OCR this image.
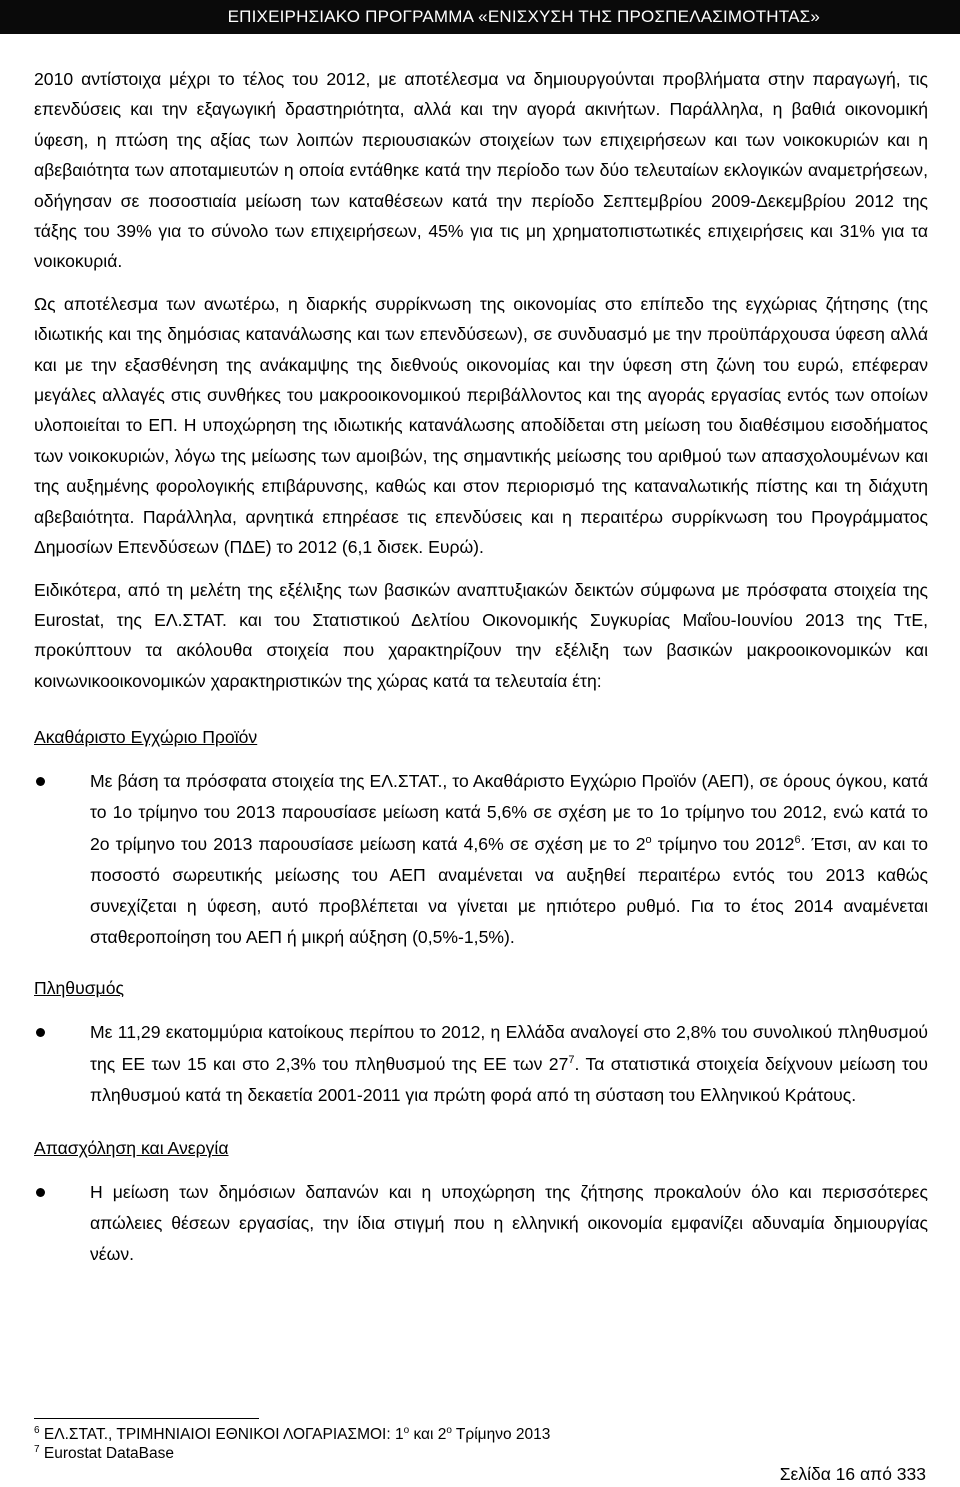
ΕΠΙΧΕΙΡΗΣΙΑΚΟ ΠΡΟΓΡΑΜΜΑ «ΕΝΙΣΧΥΣΗ ΤΗΣ ΠΡΟΣΠΕΛΑΣΙΜΟΤΗΤΑΣ»

2010 αντίστοιχα μέχρι το τέλος του 2012, με αποτέλεσμα να δημιουργούνται προβλήματα στην παραγωγή, τις επενδύσεις και την εξαγωγική δραστηριότητα, αλλά και την αγορά ακινήτων. Παράλληλα, η βαθιά οικονομική ύφεση, η πτώση της αξίας των λοιπών περιουσιακών στοιχείων των επιχειρήσεων και των νοικοκυριών και η αβεβαιότητα των αποταμιευτών η οποία εντάθηκε κατά την περίοδο των δύο τελευταίων εκλογικών αναμετρήσεων, οδήγησαν σε ποσοστιαία μείωση των καταθέσεων κατά την περίοδο Σεπτεμβρίου 2009-Δεκεμβρίου 2012 της τάξης του 39% για το σύνολο των επιχειρήσεων, 45% για τις μη χρηματοπιστωτικές επιχειρήσεις και 31% για τα νοικοκυριά.

Ως αποτέλεσμα των ανωτέρω, η διαρκής συρρίκνωση της οικονομίας στο επίπεδο της εγχώριας ζήτησης (της ιδιωτικής και της δημόσιας κατανάλωσης και των επενδύσεων), σε συνδυασμό με την προϋπάρχουσα ύφεση αλλά και με την εξασθένηση της ανάκαμψης της διεθνούς οικονομίας και την ύφεση στη ζώνη του ευρώ, επέφεραν μεγάλες αλλαγές στις συνθήκες του μακροοικονομικού περιβάλλοντος και της αγοράς εργασίας εντός των οποίων υλοποιείται το ΕΠ. Η υποχώρηση της ιδιωτικής κατανάλωσης αποδίδεται στη μείωση του διαθέσιμου εισοδήματος των νοικοκυριών, λόγω της μείωσης των αμοιβών, της σημαντικής μείωσης του αριθμού των απασχολουμένων και της αυξημένης φορολογικής επιβάρυνσης, καθώς και στον περιορισμό της καταναλωτικής πίστης και τη διάχυτη αβεβαιότητα. Παράλληλα, αρνητικά επηρέασε τις επενδύσεις και η περαιτέρω συρρίκνωση του Προγράμματος Δημοσίων Επενδύσεων (ΠΔΕ) το 2012 (6,1 δισεκ. Ευρώ).

Ειδικότερα, από τη μελέτη της εξέλιξης των βασικών αναπτυξιακών δεικτών σύμφωνα με πρόσφατα στοιχεία της Eurostat, της ΕΛ.ΣΤΑΤ. και του Στατιστικού Δελτίου Οικονομικής Συγκυρίας Μαΐου-Ιουνίου 2013 της ΤτΕ, προκύπτουν τα ακόλουθα στοιχεία που χαρακτηρίζουν την εξέλιξη των βασικών μακροοικονομικών και κοινωνικοοικονομικών χαρακτηριστικών της χώρας κατά τα τελευταία έτη:

Ακαθάριστο Εγχώριο Προϊόν

Με βάση τα πρόσφατα στοιχεία της ΕΛ.ΣΤΑΤ., το Ακαθάριστο Εγχώριο Προϊόν (ΑΕΠ), σε όρους όγκου, κατά το 1ο τρίμηνο του 2013 παρουσίασε μείωση κατά 5,6% σε σχέση με το 1ο τρίμηνο του 2012, ενώ κατά το 2ο τρίμηνο του 2013 παρουσίασε μείωση κατά 4,6% σε σχέση με το $2^o$ τρίμηνο του 2012$^6$. Έτσι, αν και το ποσοστό σωρευτικής μείωσης του ΑΕΠ αναμένεται να αυξηθεί περαιτέρω εντός του 2013 καθώς συνεχίζεται η ύφεση, αυτό προβλέπεται να γίνεται με ηπιότερο ρυθμό. Για το έτος 2014 αναμένεται σταθεροποίηση του ΑΕΠ ή μικρή αύξηση (0,5%-1,5%).

Πληθυσμός

Με 11,29 εκατομμύρια κατοίκους περίπου το 2012, η Ελλάδα αναλογεί στο 2,8% του συνολικού πληθυσμού της ΕΕ των 15 και στο 2,3% του πληθυσμού της ΕΕ των $27^7$. Τα στατιστικά στοιχεία δείχνουν μείωση του πληθυσμού κατά τη δεκαετία 2001-2011 για πρώτη φορά από τη σύσταση του Ελληνικού Κράτους.

Απασχόληση και Ανεργία

Η μείωση των δημόσιων δαπανών και η υποχώρηση της ζήτησης προκαλούν όλο και περισσότερες απώλειες θέσεων εργασίας, την ίδια στιγμή που η ελληνική οικονομία εμφανίζει αδυναμία δημιουργίας νέων.

$^6$ ΕΛ.ΣΤΑΤ., ΤΡΙΜΗΝΙΑΙΟΙ ΕΘΝΙΚΟΙ ΛΟΓΑΡΙΑΣΜΟΙ: $1^o$ και $2^o$ Τρίμηνο 2013
$^7$ Eurostat DataBase
Σελίδα 16 από 333
